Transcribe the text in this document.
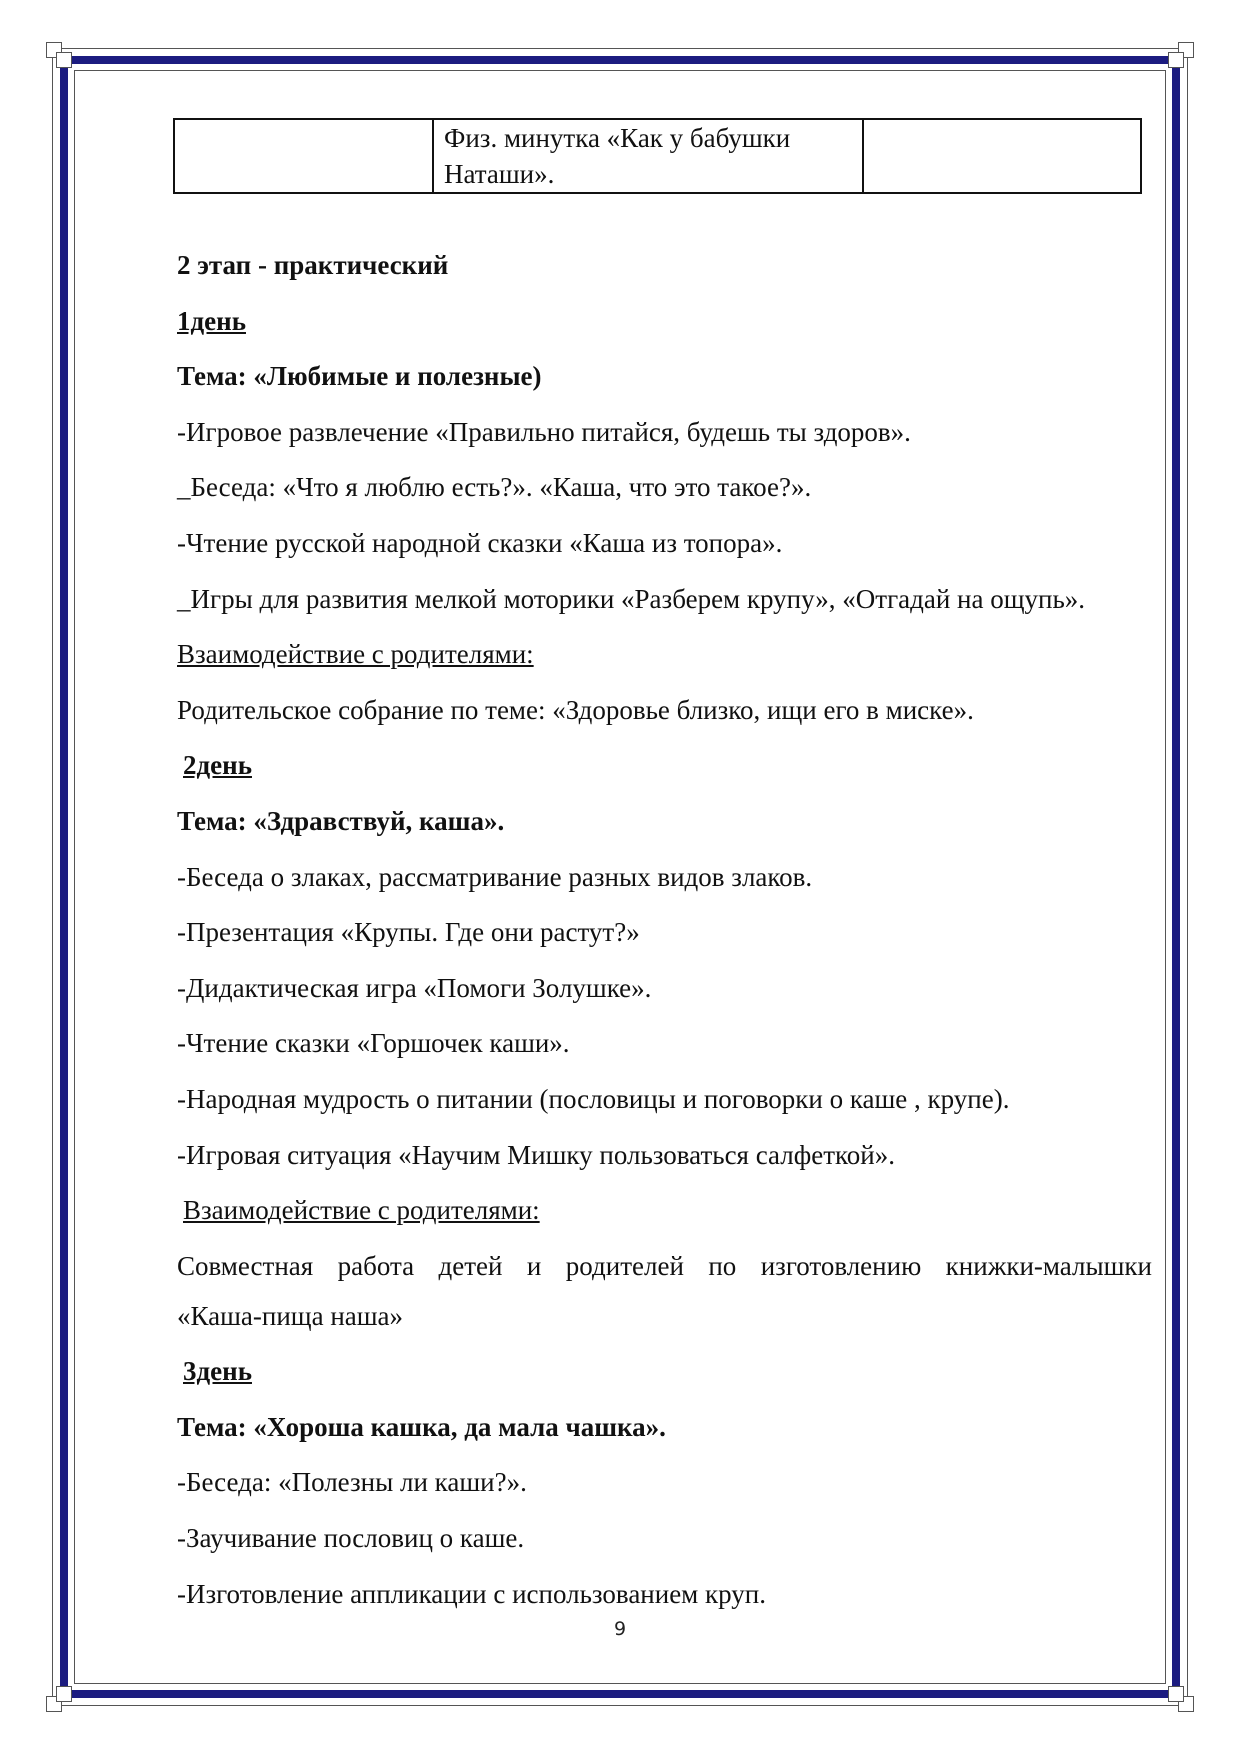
	Физ. минутка «Как у бабушки Наташи».	
2 этап - практический
1день
Тема: «Любимые и полезные)
-Игровое развлечение «Правильно питайся, будешь ты здоров».
_Беседа: «Что я люблю есть?». «Каша, что это такое?».
-Чтение русской народной сказки «Каша из топора».
_Игры для развития мелкой моторики «Разберем крупу», «Отгадай на ощупь».
Взаимодействие с родителями:
Родительское собрание по теме: «Здоровье близко, ищи его в миске».
2день
Тема: «Здравствуй, каша».
-Беседа о злаках, рассматривание разных видов злаков.
-Презентация «Крупы. Где они растут?»
-Дидактическая игра «Помоги Золушке».
-Чтение сказки «Горшочек каши».
-Народная мудрость о питании (пословицы и поговорки о каше , крупе).
-Игровая ситуация «Научим Мишку пользоваться салфеткой».
Взаимодействие с родителями:
Совместная работа детей и родителей по изготовлению книжки-малышки
«Каша-пища наша»
3день
Тема: «Хороша кашка, да мала чашка».
-Беседа: «Полезны ли каши?».
-Заучивание пословиц о каше.
-Изготовление аппликации с использованием круп.
9
